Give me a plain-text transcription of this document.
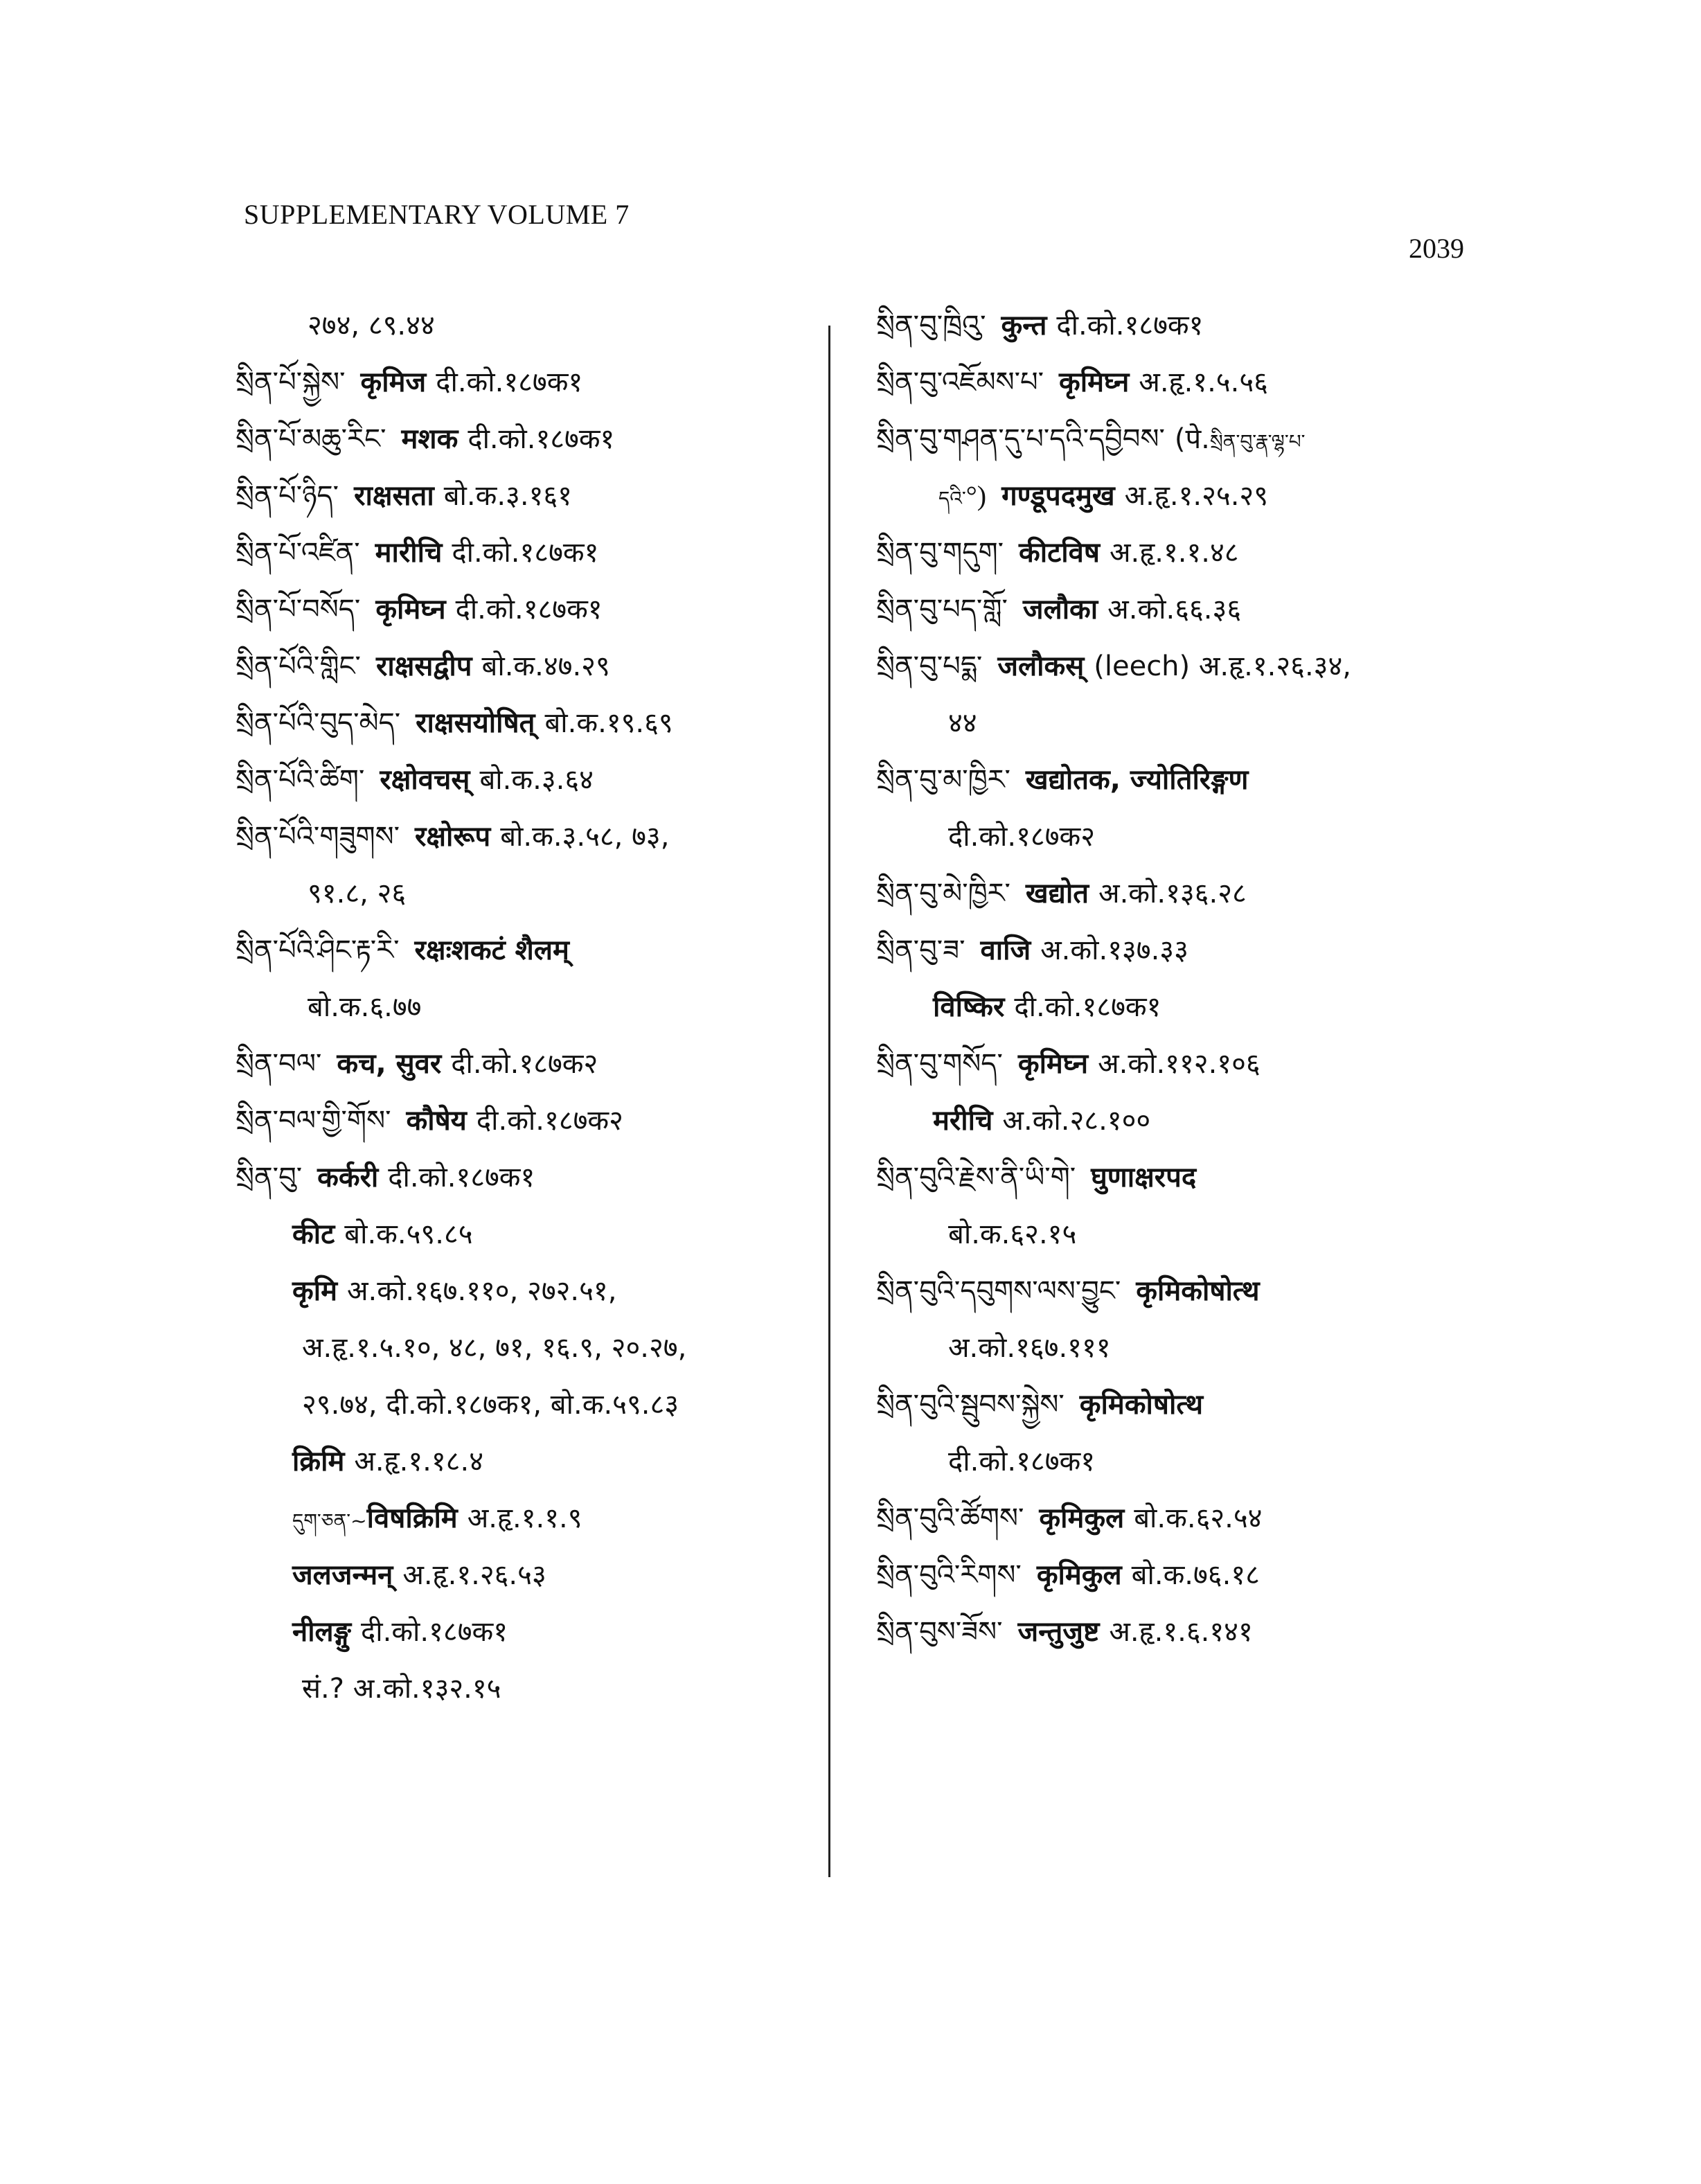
SUPPLEMENTARY VOLUME 7
2039
२७४, ८९.४४
སྲིན་པོ་སྐྱེས་ कृमिज दी.को.१८७क१
སྲིན་པོ་མཆུ་རིང་ मशक दी.को.१८७क१
སྲིན་པོ་ཉིད་ राक्षसता बो.क.३.१६१
སྲིན་པོ་འཛིན་ मारीचि दी.को.१८७क१
སྲིན་པོ་བསོད་ कृमिघ्न दी.को.१८७क१
སྲིན་པོའི་གླིང་ राक्षसद्वीप बो.क.४७.२९
སྲིན་པོའི་བུད་མེད་ राक्षसयोषित् बो.क.१९.६९
སྲིན་པོའི་ཚིག་ रक्षोवचस् बो.क.३.६४
སྲིན་པོའི་གཟུགས་ रक्षोरूप बो.क.३.५८, ७३,
९१.८, २६
སྲིན་པོའི་ཤིང་རྟ་རི་ रक्षःशकटं शैलम्
बो.क.६.७७
སྲིན་བལ་ कच, सुवर दी.को.१८७क२
སྲིན་བལ་གྱི་གོས་ कौषेय दी.को.१८७क२
སྲིན་བུ་ कर्करी दी.को.१८७क१
कीट बो.क.५९.८५
कृमि अ.को.१६७.११०, २७२.५१,
अ.हृ.१.५.१०, ४८, ७१, १६.९, २०.२७,
२९.७४, दी.को.१८७क१, बो.क.५९.८३
क्रिमि अ.हृ.१.१८.४
དུག་ཅན་~विषक्रिमि अ.हृ.१.१.९
जलजन्मन् अ.हृ.१.२६.५३
नीलङ्गु दी.को.१८७क१
सं.? अ.को.१३२.१५
སྲིན་བུ་ཁྲིའུ་ कुन्त दी.को.१८७क१
སྲིན་བུ་འཇོམས་པ་ कृमिघ्न अ.हृ.१.५.५६
སྲིན་བུ་གཤན་དུ་པ་དའི་དབྱིབས་ (पे.སྲིན་བུ་རྣ་ལྷ་པ་
དའི་°) गण्डूपदमुख अ.हृ.१.२५.२९
སྲིན་བུ་གདུག་ कीटविष अ.हृ.१.१.४८
སྲིན་བུ་པད་གློ་ जलौका अ.को.६६.३६
སྲིན་བུ་པདྨ་ जलौकस् (leech) अ.हृ.१.२६.३४,
४४
སྲིན་བུ་མ་ཁྱིར་ खद्योतक, ज्योतिरिङ्गण
दी.को.१८७क२
སྲིན་བུ་མེ་ཁྱིར་ खद्योत अ.को.१३६.२८
སྲིན་བུ་ཟ་ वाजि अ.को.१३७.३३
विष्किर दी.को.१८७क१
སྲིན་བུ་གསོད་ कृमिघ्न अ.को.११२.१०६
मरीचि अ.को.२८.१००
སྲིན་བུའི་རྗེས་ནི་ཡི་གེ་ घुणाक्षरपद
बो.क.६२.१५
སྲིན་བུའི་དབུགས་ལས་བྱུང་ कृमिकोषोत्थ
अ.को.१६७.१११
སྲིན་བུའི་སྦུབས་སྐྱེས་ कृमिकोषोत्थ
दी.को.१८७क१
སྲིན་བུའི་ཚོགས་ कृमिकुल बो.क.६२.५४
སྲིན་བུའི་རིགས་ कृमिकुल बो.क.७६.१८
སྲིན་བུས་ཟོས་ जन्तुजुष्ट अ.हृ.१.६.१४१
